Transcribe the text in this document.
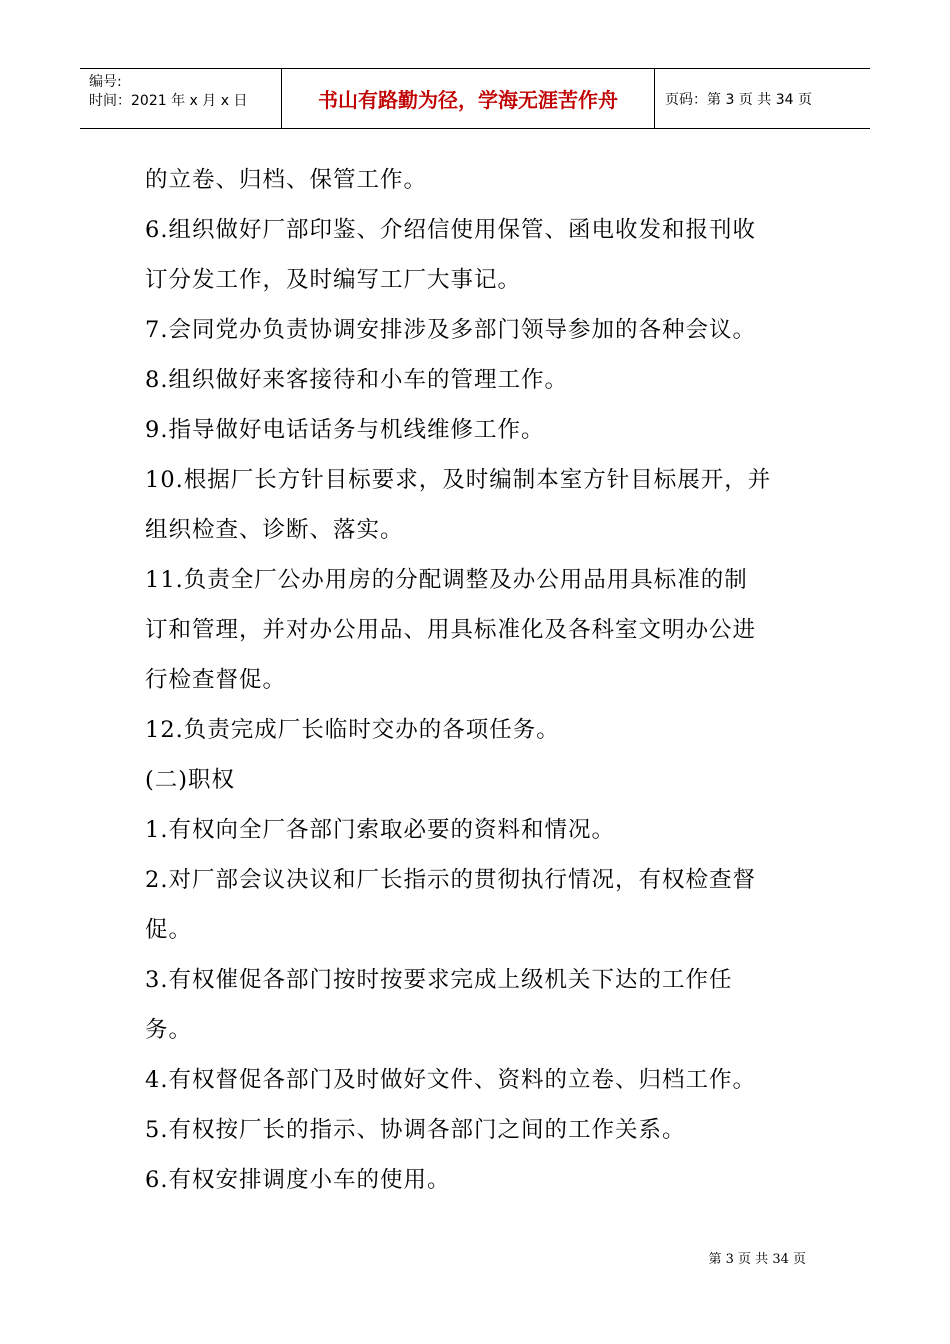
编号:
时间：2021 年 x 月 x 日	书山有路勤为径，学海无涯苦作舟	页码：第 3 页 共 34 页
的立卷、归档、保管工作。
6.组织做好厂部印鉴、介绍信使用保管、函电收发和报刊收
订分发工作，及时编写工厂大事记。
7.会同党办负责协调安排涉及多部门领导参加的各种会议。
8.组织做好来客接待和小车的管理工作。
9.指导做好电话话务与机线维修工作。
10.根据厂长方针目标要求，及时编制本室方针目标展开，并
组织检查、诊断、落实。
11.负责全厂公办用房的分配调整及办公用品用具标准的制
订和管理，并对办公用品、用具标准化及各科室文明办公进
行检查督促。
12.负责完成厂长临时交办的各项任务。
(二)职权
1.有权向全厂各部门索取必要的资料和情况。
2.对厂部会议决议和厂长指示的贯彻执行情况，有权检查督
促。
3.有权催促各部门按时按要求完成上级机关下达的工作任
务。
4.有权督促各部门及时做好文件、资料的立卷、归档工作。
5.有权按厂长的指示、协调各部门之间的工作关系。
6.有权安排调度小车的使用。
第 3 页 共 34 页
